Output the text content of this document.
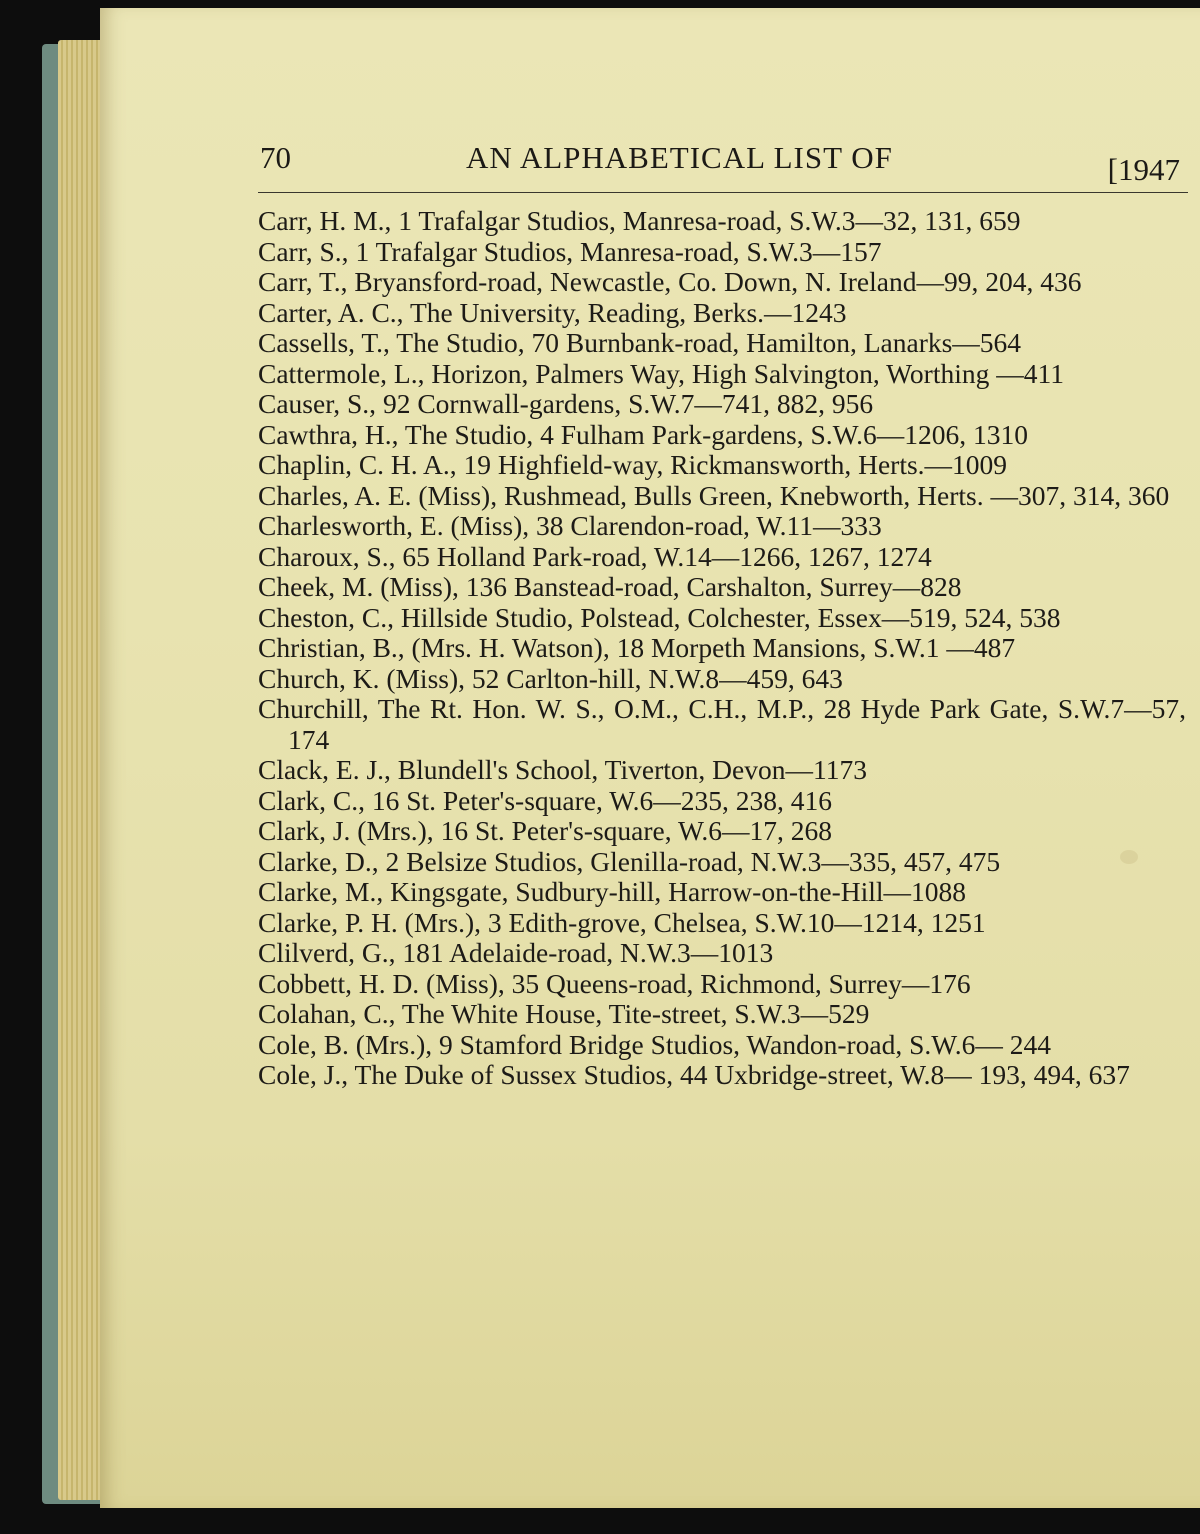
70	AN ALPHABETICAL LIST OF	[1947

Carr, H. M., 1 Trafalgar Studios, Manresa-road, S.W.3—32, 131, 659

Carr, S., 1 Trafalgar Studios, Manresa-road, S.W.3—157

Carr, T., Bryansford-road, Newcastle, Co. Down, N. Ireland—99, 204, 436

Carter, A. C., The University, Reading, Berks.—1243

Cassells, T., The Studio, 70 Burnbank-road, Hamilton, Lanarks—564

Cattermole, L., Horizon, Palmers Way, High Salvington, Worthing —411

Causer, S., 92 Cornwall-gardens, S.W.7—741, 882, 956

Cawthra, H., The Studio, 4 Fulham Park-gardens, S.W.6—1206, 1310

Chaplin, C. H. A., 19 Highfield-way, Rickmansworth, Herts.—1009

Charles, A. E. (Miss), Rushmead, Bulls Green, Knebworth, Herts. —307, 314, 360

Charlesworth, E. (Miss), 38 Clarendon-road, W.11—333

Charoux, S., 65 Holland Park-road, W.14—1266, 1267, 1274

Cheek, M. (Miss), 136 Banstead-road, Carshalton, Surrey—828

Cheston, C., Hillside Studio, Polstead, Colchester, Essex—519, 524, 538

Christian, B., (Mrs. H. Watson), 18 Morpeth Mansions, S.W.1 —487

Church, K. (Miss), 52 Carlton-hill, N.W.8—459, 643

Churchill, The Rt. Hon. W. S., O.M., C.H., M.P., 28 Hyde Park Gate, S.W.7—57, 174

Clack, E. J., Blundell's School, Tiverton, Devon—1173

Clark, C., 16 St. Peter's-square, W.6—235, 238, 416

Clark, J. (Mrs.), 16 St. Peter's-square, W.6—17, 268

Clarke, D., 2 Belsize Studios, Glenilla-road, N.W.3—335, 457, 475

Clarke, M., Kingsgate, Sudbury-hill, Harrow-on-the-Hill—1088

Clarke, P. H. (Mrs.), 3 Edith-grove, Chelsea, S.W.10—1214, 1251

Clilverd, G., 181 Adelaide-road, N.W.3—1013

Cobbett, H. D. (Miss), 35 Queens-road, Richmond, Surrey—176

Colahan, C., The White House, Tite-street, S.W.3—529

Cole, B. (Mrs.), 9 Stamford Bridge Studios, Wandon-road, S.W.6— 244

Cole, J., The Duke of Sussex Studios, 44 Uxbridge-street, W.8— 193, 494, 637
